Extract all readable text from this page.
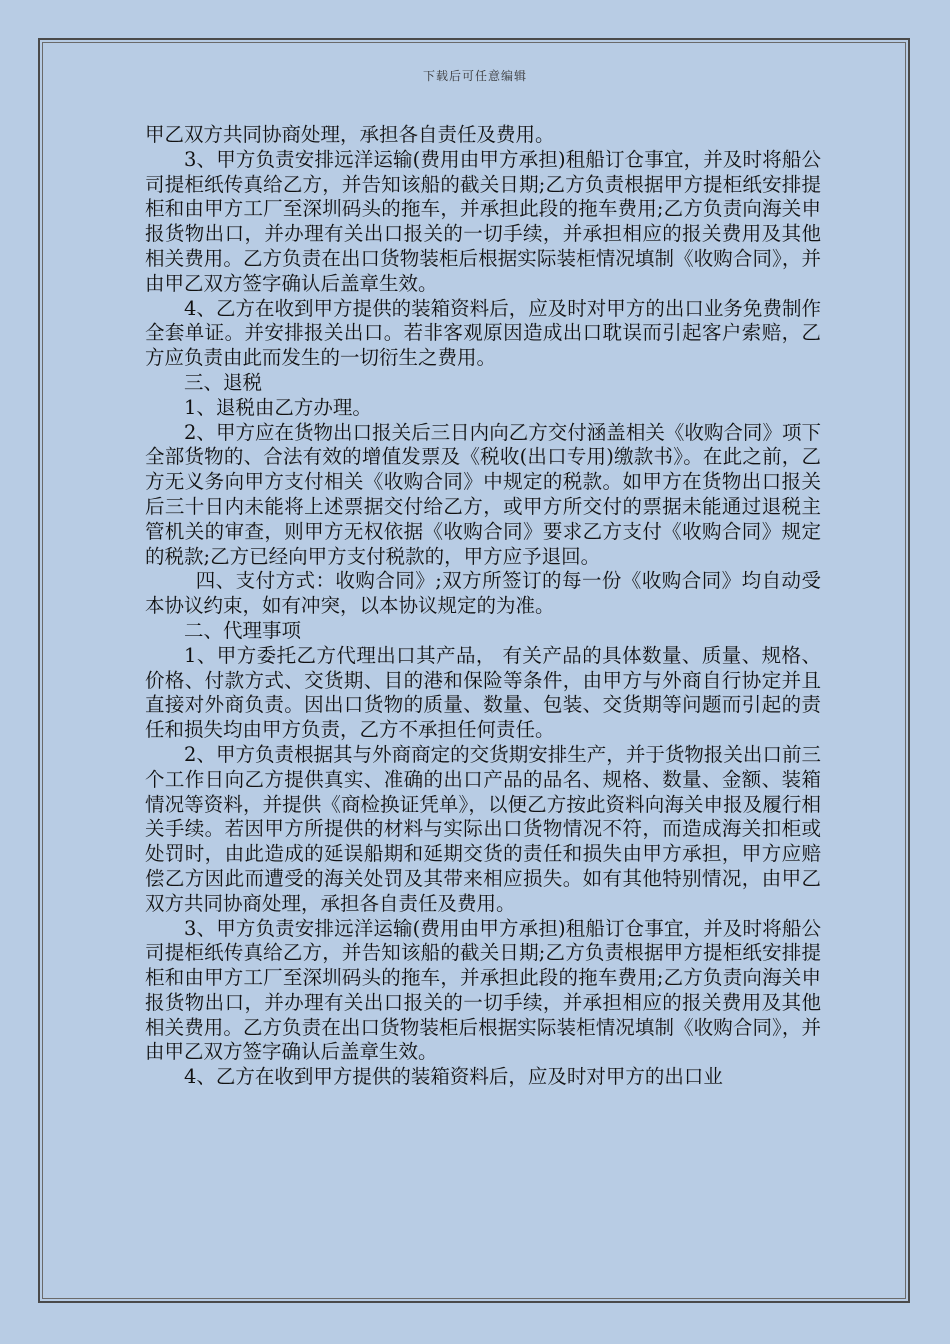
下载后可任意编辑

甲乙双方共同协商处理，承担各自责任及费用。

3、甲方负责安排远洋运输(费用由甲方承担)租船订仓事宜，并及时将船公司提柜纸传真给乙方，并告知该船的截关日期;乙方负责根据甲方提柜纸安排提柜和由甲方工厂至深圳码头的拖车，并承担此段的拖车费用;乙方负责向海关申报货物出口，并办理有关出口报关的一切手续，并承担相应的报关费用及其他相关费用。乙方负责在出口货物装柜后根据实际装柜情况填制《收购合同》，并由甲乙双方签字确认后盖章生效。

4、乙方在收到甲方提供的装箱资料后，应及时对甲方的出口业务免费制作全套单证。并安排报关出口。若非客观原因造成出口耽误而引起客户索赔，乙方应负责由此而发生的一切衍生之费用。

三、退税

1、退税由乙方办理。

2、甲方应在货物出口报关后三日内向乙方交付涵盖相关《收购合同》项下全部货物的、合法有效的增值发票及《税收(出口专用)缴款书》。在此之前，乙方无义务向甲方支付相关《收购合同》中规定的税款。如甲方在货物出口报关后三十日内未能将上述票据交付给乙方，或甲方所交付的票据未能通过退税主管机关的审查，则甲方无权依据《收购合同》要求乙方支付《收购合同》规定的税款;乙方已经向甲方支付税款的，甲方应予退回。

四、支付方式：收购合同》;双方所签订的每一份《收购合同》均自动受本协议约束，如有冲突，以本协议规定的为准。

二、代理事项

1、甲方委托乙方代理出口其产品， 有关产品的具体数量、质量、规格、价格、付款方式、交货期、目的港和保险等条件，由甲方与外商自行协定并且直接对外商负责。因出口货物的质量、数量、包装、交货期等问题而引起的责任和损失均由甲方负责，乙方不承担任何责任。

2、甲方负责根据其与外商商定的交货期安排生产，并于货物报关出口前三个工作日向乙方提供真实、准确的出口产品的品名、规格、数量、金额、装箱情况等资料，并提供《商检换证凭单》，以便乙方按此资料向海关申报及履行相关手续。若因甲方所提供的材料与实际出口货物情况不符，而造成海关扣柜或处罚时，由此造成的延误船期和延期交货的责任和损失由甲方承担，甲方应赔偿乙方因此而遭受的海关处罚及其带来相应损失。如有其他特别情况，由甲乙双方共同协商处理，承担各自责任及费用。

3、甲方负责安排远洋运输(费用由甲方承担)租船订仓事宜，并及时将船公司提柜纸传真给乙方，并告知该船的截关日期;乙方负责根据甲方提柜纸安排提柜和由甲方工厂至深圳码头的拖车，并承担此段的拖车费用;乙方负责向海关申报货物出口，并办理有关出口报关的一切手续，并承担相应的报关费用及其他相关费用。乙方负责在出口货物装柜后根据实际装柜情况填制《收购合同》，并由甲乙双方签字确认后盖章生效。

4、乙方在收到甲方提供的装箱资料后，应及时对甲方的出口业
